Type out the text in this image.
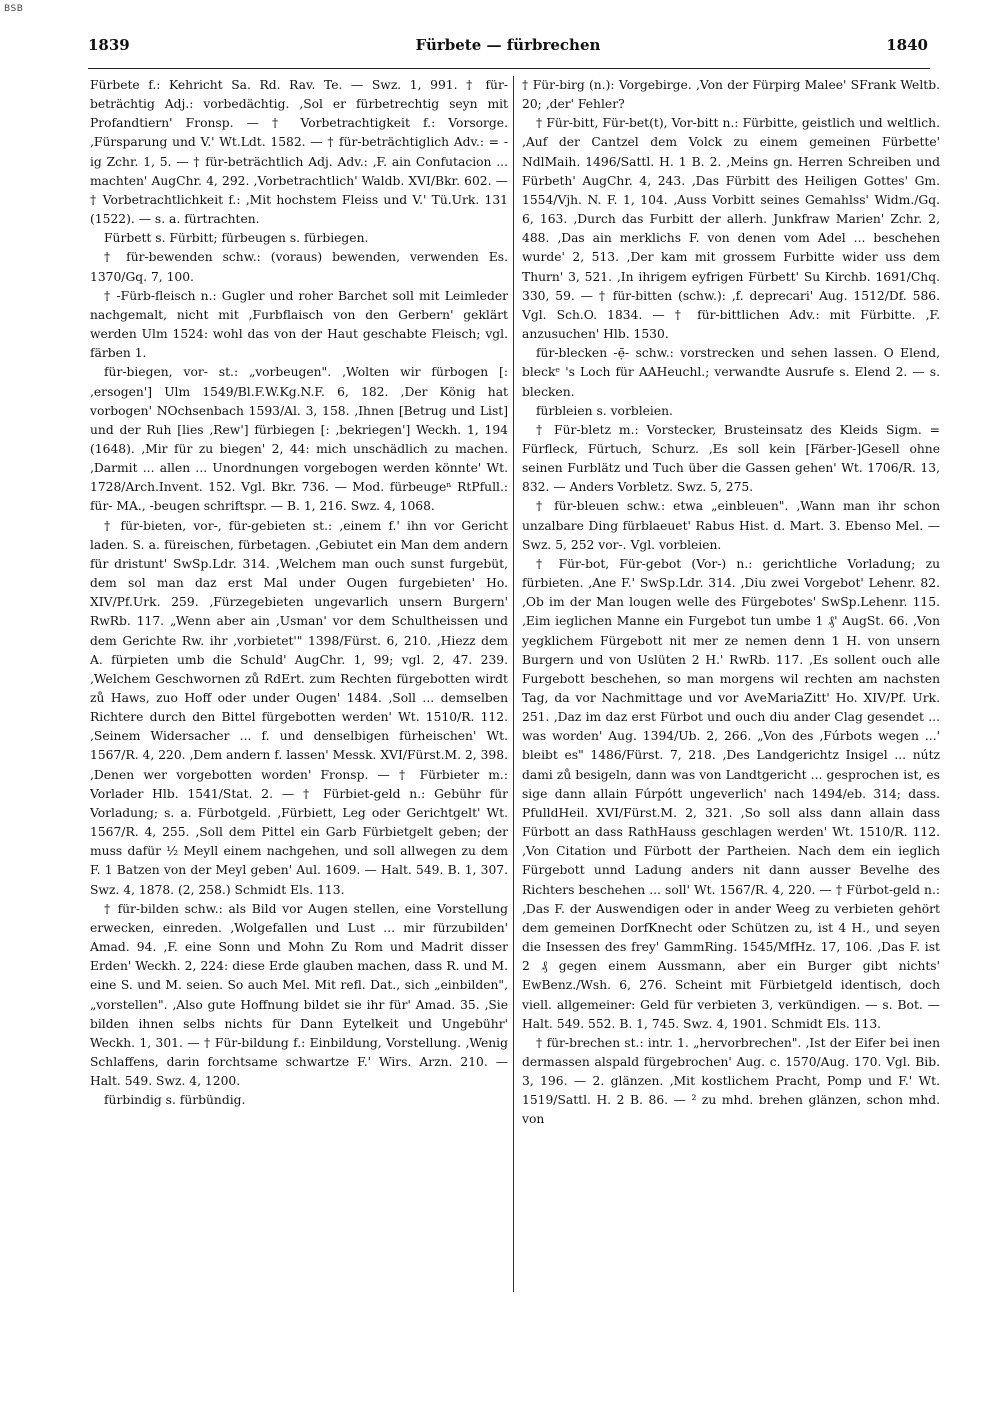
BSB
1839	Fürbete — fürbrechen	1840

Fürbete f.: Kehricht Sa. Rd. Rav. Te. — Swz. 1, 991. † für-beträchtig Adj.: vorbedächtig. ‚Sol er fürbetrechtig seyn mit Profandtiern' Fronsp. — † Vorbetrachtigkeit f.: Vorsorge. ‚Fürsparung und V.' Wt.Ldt. 1582. — † für-beträchtiglich Adv.: = -ig Zchr. 1, 5. — † für-beträchtlich Adj. Adv.: ‚F. ain Confutacion ... machten' AugChr. 4, 292. ‚Vorbetrachtlich' Waldb. XVI/Bkr. 602. — † Vorbetrachtlichkeit f.: ‚Mit hochstem Fleiss und V.' Tü.Urk. 131 (1522). — s. a. fürtrachten.

Fürbett s. Fürbitt; fürbeugen s. fürbiegen.

† für-bewenden schw.: (voraus) bewenden, verwenden Es. 1370/Gq. 7, 100.

† -Fürb-fleisch n.: Gugler und roher Barchet soll mit Leimleder nachgemalt, nicht mit ‚Furbflaisch von den Gerbern' geklärt werden Ulm 1524: wohl das von der Haut geschabte Fleisch; vgl. färben 1.

für-biegen, vor- st.: „vorbeugen". ‚Wolten wir fürbogen [: ‚ersogen'] Ulm 1549/Bl.F.W.Kg.N.F. 6, 182. ‚Der König hat vorbogen' NOchsenbach 1593/Al. 3, 158. ‚Ihnen [Betrug und List] und der Ruh [lies ‚Rew'] fürbiegen [: ‚bekriegen'] Weckh. 1, 194 (1648). ‚Mir für zu biegen' 2, 44: mich unschädlich zu machen. ‚Darmit ... allen ... Unordnungen vorgebogen werden könnte' Wt. 1728/Arch.Invent. 152. Vgl. Bkr. 736. — Mod. fürbeugeⁿ RtPfull.: für- MA., -beugen schriftspr. — B. 1, 216. Swz. 4, 1068.

† für-bieten, vor-, für-gebieten st.: ‚einem f.' ihn vor Gericht laden. S. a. füreischen, fürbetagen. ‚Gebiutet ein Man dem andern für dristunt' SwSp.Ldr. 314. ‚Welchem man ouch sunst furgebüt, dem sol man daz erst Mal under Ougen furgebieten' Ho. XIV/Pf.Urk. 259. ‚Fürzegebieten ungevarlich unsern Burgern' RwRb. 117. „Wenn aber ain ‚Usman' vor dem Schultheissen und dem Gerichte Rw. ihr ‚vorbietet'" 1398/Fürst. 6, 210. ‚Hiezz dem A. fürpieten umb die Schuld' AugChr. 1, 99; vgl. 2, 47. 239. ‚Welchem Geschwornen zů RdErt. zum Rechten fürgebotten wirdt zů Haws, zuo Hoff oder under Ougen' 1484. ‚Soll ... demselben Richtere durch den Bittel fürgebotten werden' Wt. 1510/R. 112. ‚Seinem Widersacher ... f. und denselbigen fürheischen' Wt. 1567/R. 4, 220. ‚Dem andern f. lassen' Messk. XVI/Fürst.M. 2, 398. ‚Denen wer vorgebotten worden' Fronsp. — † Fürbieter m.: Vorlader Hlb. 1541/Stat. 2. — † Fürbiet-geld n.: Gebühr für Vorladung; s. a. Fürbotgeld. ‚Fürbiett, Leg oder Gerichtgelt' Wt. 1567/R. 4, 255. ‚Soll dem Pittel ein Garb Fürbietgelt geben; der muss dafür ½ Meyll einem nachgehen, und soll allwegen zu dem F. 1 Batzen von der Meyl geben' Aul. 1609. — Halt. 549. B. 1, 307. Swz. 4, 1878. (2, 258.) Schmidt Els. 113.

† für-bilden schw.: als Bild vor Augen stellen, eine Vorstellung erwecken, einreden. ‚Wolgefallen und Lust ... mir fürzubilden' Amad. 94. ‚F. eine Sonn und Mohn Zu Rom und Madrit disser Erden' Weckh. 2, 224: diese Erde glauben machen, dass R. und M. eine S. und M. seien. So auch Mel. Mit refl. Dat., sich „einbilden", „vorstellen". ‚Also gute Hoffnung bildet sie ihr für' Amad. 35. ‚Sie bilden ihnen selbs nichts für Dann Eytelkeit und Ungebühr' Weckh. 1, 301. — † Für-bildung f.: Einbildung, Vorstellung. ‚Wenig Schlaffens, darin forchtsame schwartze F.' Wirs. Arzn. 210. — Halt. 549. Swz. 4, 1200.

fürbindig s. fürbündig.

† Für-birg (n.): Vorgebirge. ‚Von der Fürpirg Malee' SFrank Weltb. 20; ‚der' Fehler?

† Für-bitt, Für-bet(t), Vor-bitt n.: Fürbitte, geistlich und weltlich. ‚Auf der Cantzel dem Volck zu einem gemeinen Fürbette' NdlMaih. 1496/Sattl. H. 1 B. 2. ‚Meins gn. Herren Schreiben und Fürbeth' AugChr. 4, 243. ‚Das Fürbitt des Heiligen Gottes' Gm. 1554/Vjh. N. F. 1, 104. ‚Auss Vorbitt seines Gemahlss' Widm./Gq. 6, 163. ‚Durch das Furbitt der allerh. Junkfraw Marien' Zchr. 2, 488. ‚Das ain merklichs F. von denen vom Adel ... beschehen wurde' 2, 513. ‚Der kam mit grossem Furbitte wider uss dem Thurn' 3, 521. ‚In ihrigem eyfrigen Fürbett' Su Kirchb. 1691/Chq. 330, 59. — † für-bitten (schw.): ‚f. deprecari' Aug. 1512/Df. 586. Vgl. Sch.O. 1834. — † für-bittlichen Adv.: mit Fürbitte. ‚F. anzusuchen' Hlb. 1530.

für-blecken -ẹ̄- schw.: vorstrecken und sehen lassen. O Elend, bleckᵉ 's Loch für AAHeuchl.; verwandte Ausrufe s. Elend 2. — s. blecken.

fürbleien s. vorbleien.

† Für-bletz m.: Vorstecker, Brusteinsatz des Kleids Sigm. = Fürfleck, Fürtuch, Schurz. ‚Es soll kein [Färber-]Gesell ohne seinen Furblätz und Tuch über die Gassen gehen' Wt. 1706/R. 13, 832. — Anders Vorbletz. Swz. 5, 275.

† für-bleuen schw.: etwa „einbleuen". ‚Wann man ihr schon unzalbare Ding fürblaeuet' Rabus Hist. d. Mart. 3. Ebenso Mel. — Swz. 5, 252 vor-. Vgl. vorbleien.

† Für-bot, Für-gebot (Vor-) n.: gerichtliche Vorladung; zu fürbieten. ‚Ane F.' SwSp.Ldr. 314. ‚Diu zwei Vorgebot' Lehenr. 82. ‚Ob im der Man lougen welle des Fürgebotes' SwSp.Lehenr. 115. ‚Eim ieglichen Manne ein Furgebot tun umbe 1 ₰' AugSt. 66. ‚Von yegklichem Fürgebott nit mer ze nemen denn 1 H. von unsern Burgern und von Uslüten 2 H.' RwRb. 117. ‚Es sollent ouch alle Furgebott beschehen, so man morgens wil rechten am nachsten Tag, da vor Nachmittage und vor AveMariaZitt' Ho. XIV/Pf. Urk. 251. ‚Daz im daz erst Fürbot und ouch diu ander Clag gesendet ... was worden' Aug. 1394/Ub. 2, 266. „Von des ‚Fúrbots wegen ...' bleibt es" 1486/Fürst. 7, 218. ‚Des Landgerichtz Insigel ... nútz dami zů besigeln, dann was von Landtgericht ... gesprochen ist, es sige dann allain Fúrpótt ungeverlich' nach 1494/eb. 314; dass. PfulldHeil. XVI/Fürst.M. 2, 321. ‚So soll alss dann allain dass Fürbott an dass RathHauss geschlagen werden' Wt. 1510/R. 112. ‚Von Citation und Fürbott der Partheien. Nach dem ein ieglich Fürgebott unnd Ladung anders nit dann ausser Bevelhe des Richters beschehen ... soll' Wt. 1567/R. 4, 220. — † Fürbot-geld n.: ‚Das F. der Auswendigen oder in ander Weeg zu verbieten gehört dem gemeinen DorfKnecht oder Schützen zu, ist 4 H., und seyen die Insessen des frey' GammRing. 1545/MfHz. 17, 106. ‚Das F. ist 2 ₰ gegen einem Aussmann, aber ein Burger gibt nichts' EwBenz./Wsh. 6, 276. Scheint mit Fürbietgeld identisch, doch viell. allgemeiner: Geld für verbieten 3, verkündigen. — s. Bot. — Halt. 549. 552. B. 1, 745. Swz. 4, 1901. Schmidt Els. 113.

† für-brechen st.: intr. 1. „hervorbrechen". ‚Ist der Eifer bei inen dermassen alspald fürgebrochen' Aug. c. 1570/Aug. 170. Vgl. Bib. 3, 196. — 2. glänzen. ‚Mit kostlichem Pracht, Pomp und F.' Wt. 1519/Sattl. H. 2 B. 86. — ² zu mhd. brehen glänzen, schon mhd. von
